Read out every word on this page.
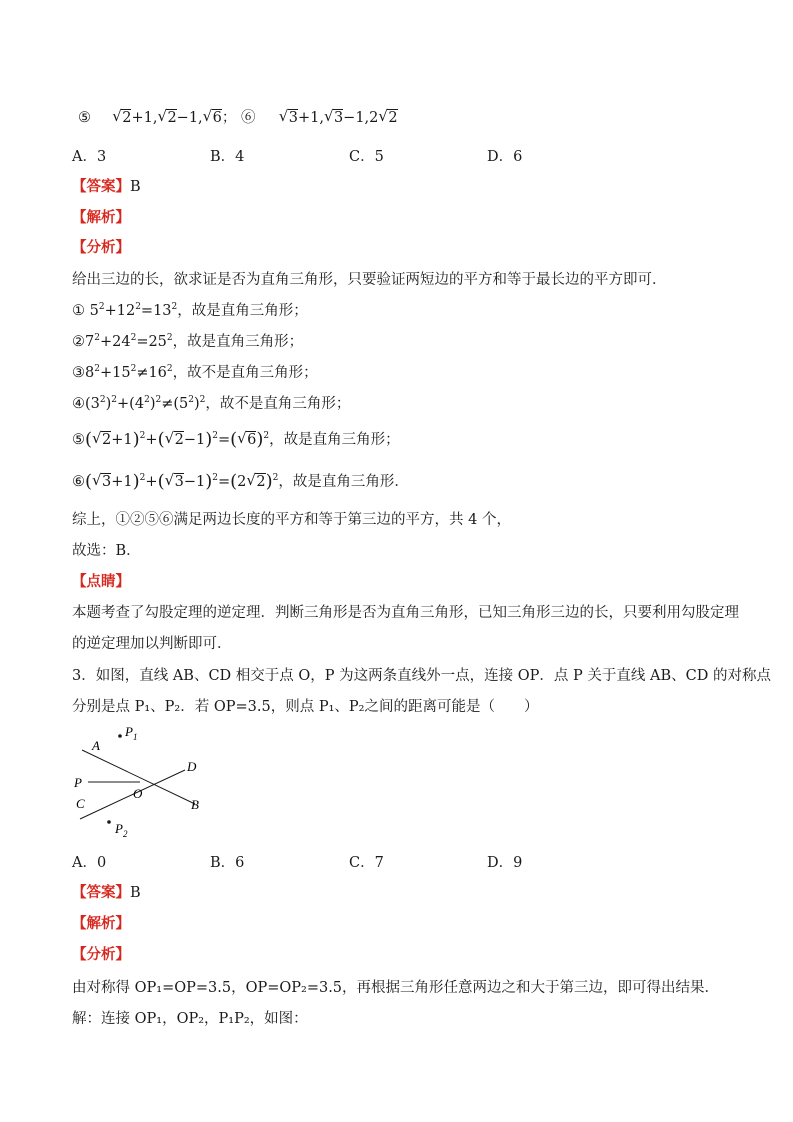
⑤ √ 2+1, √ 2−1, √ 6； ⑥ √ 3+1, √ 3−1,2 √ 2
A．3	B．4	C．5	D．6
【答案】B
【解析】
【分析】
给出三边的长，欲求证是否为直角三角形，只要验证两短边的平方和等于最长边的平方即可．
① $5^2+12^2=13^2$，故是直角三角形；
$②7^2+24^2=25^2$，故是直角三角形；
$③8^2+15^2\ne 16^2$，故不是直角三角形；
$④(3^2)^2+(4^2)^2\ne(5^2)^2$，故不是直角三角形；
⑤( √ 2+1)$^2$+( √ 2−1)$^2$=( √ 6)$^2$，故是直角三角形；
⑥( √ 3+1)$^2$+( √ 3−1)$^2$=(2 √ 2)$^2$，故是直角三角形．
综上，①②⑤⑥满足两边长度的平方和等于第三边的平方，共 4 个，
故选：B．
【点睛】
本题考查了勾股定理的逆定理．判断三角形是否为直角三角形，已知三角形三边的长，只要利用勾股定理
的逆定理加以判断即可．
3．如图，直线 AB、CD 相交于点 O，P 为这两条直线外一点，连接 OP．点 P 关于直线 AB、CD 的对称点
分别是点 P₁、P₂．若 OP=3.5，则点 P₁、P₂之间的距离可能是（　　）
A
$P_1$
D
P
O
C	B
$P_2$
A．0	B．6	C．7	D．9
【答案】B
【解析】
【分析】
由对称得 OP₁=OP=3.5，OP=OP₂=3.5，再根据三角形任意两边之和大于第三边，即可得出结果．
解：连接 OP₁，OP₂，P₁P₂，如图：
